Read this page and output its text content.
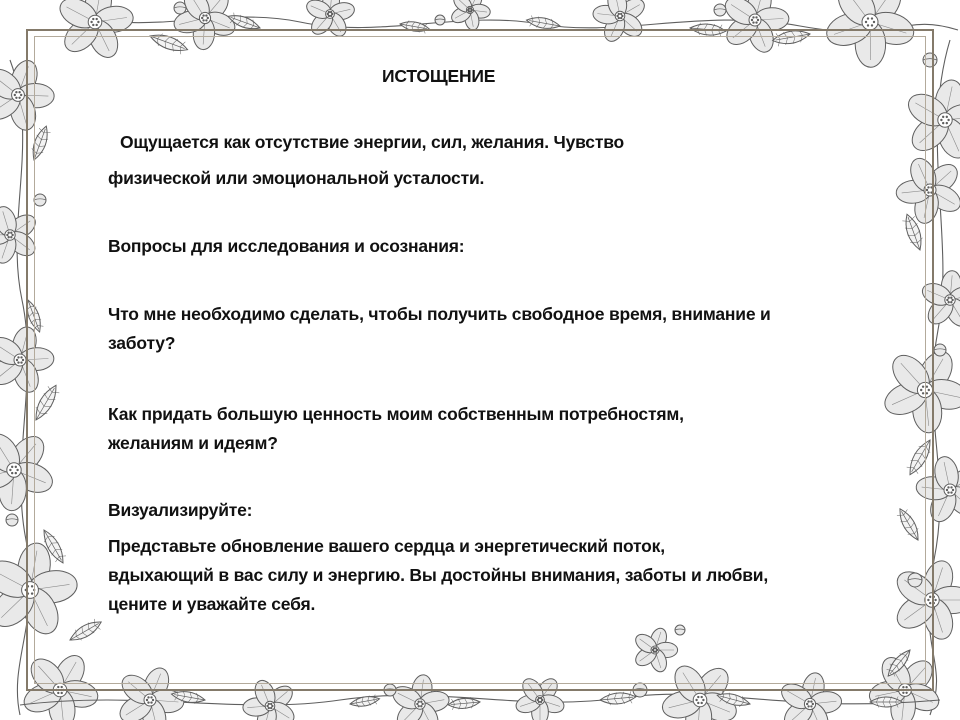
ИСТОЩЕНИЕ
Ощущается как отсутствие энергии, сил, желания. Чувство
физической или эмоциональной усталости.
Вопросы для исследования и осознания:
Что мне необходимо сделать, чтобы получить свободное время, внимание и
заботу?
Как придать большую ценность моим собственным потребностям,
желаниям и идеям?
Визуализируйте:
Представьте обновление вашего сердца и энергетический поток,
вдыхающий в вас силу и энергию. Вы достойны внимания, заботы и любви,
цените и уважайте себя.
